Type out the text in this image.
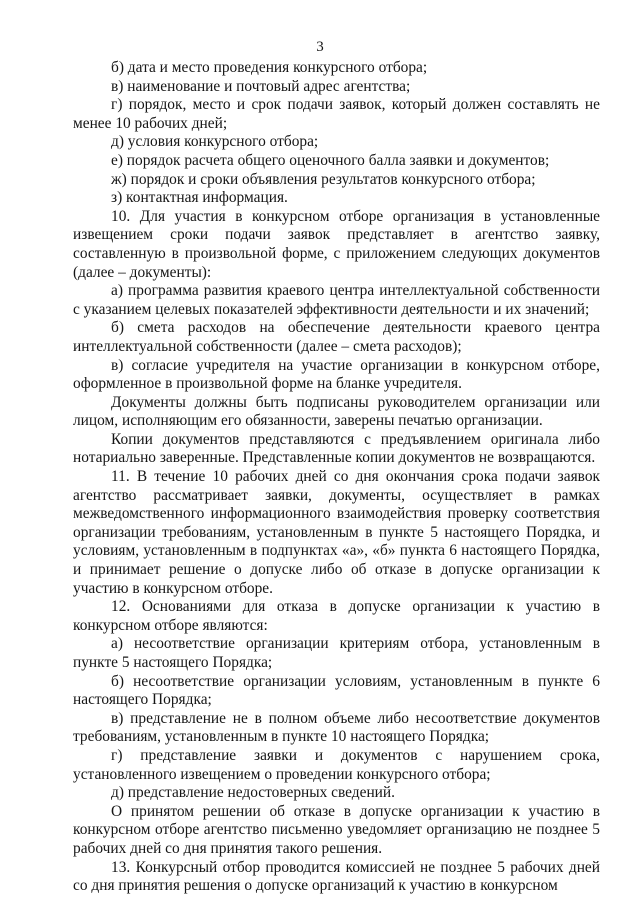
3

б) дата и место проведения конкурсного отбора;

в) наименование и почтовый адрес агентства;

г) порядок, место и срок подачи заявок, который должен составлять не менее 10 рабочих дней;

д) условия конкурсного отбора;

е) порядок расчета общего оценочного балла заявки и документов;

ж) порядок и сроки объявления результатов конкурсного отбора;

з) контактная информация.

10. Для участия в конкурсном отборе организация в установленные извещением сроки подачи заявок представляет в агентство заявку, составленную в произвольной форме, с приложением следующих документов (далее – документы):

а) программа развития краевого центра интеллектуальной собственности с указанием целевых показателей эффективности деятельности и их значений;

б) смета расходов на обеспечение деятельности краевого центра интеллектуальной собственности (далее – смета расходов);

в) согласие учредителя на участие организации в конкурсном отборе, оформленное в произвольной форме на бланке учредителя.

Документы должны быть подписаны руководителем организации или лицом, исполняющим его обязанности, заверены печатью организации.

Копии документов представляются с предъявлением оригинала либо нотариально заверенные. Представленные копии документов не возвращаются.

11. В течение 10 рабочих дней со дня окончания срока подачи заявок агентство рассматривает заявки, документы, осуществляет в рамках межведомственного информационного взаимодействия проверку соответствия организации требованиям, установленным в пункте 5 настоящего Порядка, и условиям, установленным в подпунктах «а», «б» пункта 6 настоящего Порядка, и принимает решение о допуске либо об отказе в допуске организации к участию в конкурсном отборе.

12. Основаниями для отказа в допуске организации к участию в конкурсном отборе являются:

а) несоответствие организации критериям отбора, установленным в пункте 5 настоящего Порядка;

б) несоответствие организации условиям, установленным в пункте 6 настоящего Порядка;

в) представление не в полном объеме либо несоответствие документов требованиям, установленным в пункте 10 настоящего Порядка;

г) представление заявки и документов с нарушением срока, установленного извещением о проведении конкурсного отбора;

д) представление недостоверных сведений.

О принятом решении об отказе в допуске организации к участию в конкурсном отборе агентство письменно уведомляет организацию не позднее 5 рабочих дней со дня принятия такого решения.

13. Конкурсный отбор проводится комиссией не позднее 5 рабочих дней со дня принятия решения о допуске организаций к участию в конкурсном
